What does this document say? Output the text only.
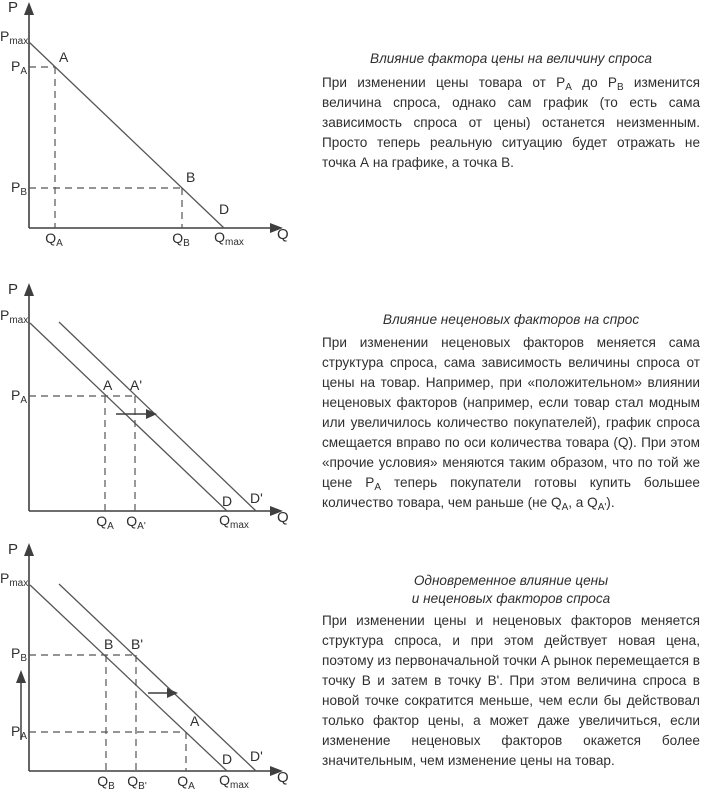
P
$P_{max}$
$P_A$
$P_B$
A
B
D
$Q_A$	$Q_B$ $Q_{max}$ Q
Влияние фактора цены на величину спроса
При изменении цены товара от $P_A$ до $P_B$ изменится величина спроса, однако сам график (то есть сама зависимость спроса от цены) останется неизменным. Просто теперь реальную ситуацию будет отражать не точка А на графике, а точка В.
P
$P_{max}$
$P_A$
A A'
D D'
$Q_A$ $Q_{A'}$	$Q_{max}$ Q
Влияние неценовых факторов на спрос
При изменении неценовых факторов меняется сама структура спроса, сама зависимость величины спроса от цены на товар. Например, при «положительном» влиянии неценовых факторов (например, если товар стал модным или увеличилось количество покупателей), график спроса смещается вправо по оси количества товара (Q). При этом «прочие условия» меняются таким образом, что по той же цене $P_A$ теперь покупатели готовы купить большее количество товара, чем раньше (не $Q_A$, а $Q_{A'}$).
P
$P_{max}$
$P_B$
$P_A$
B B'
A
D D'
$Q_B$ $Q_{B'}$ $Q_A$ $Q_{max}$ Q
Одновременное влияние цены
и неценовых факторов спроса
При изменении цены и неценовых факторов меняется структура спроса, и при этом действует новая цена, поэтому из первоначальной точки А рынок перемещается в точку В и затем в точку В'. При этом величина спроса в новой точке сократится меньше, чем если бы действовал только фактор цены, а может даже увеличиться, если изменение неценовых факторов окажется более значительным, чем изменение цены на товар.
